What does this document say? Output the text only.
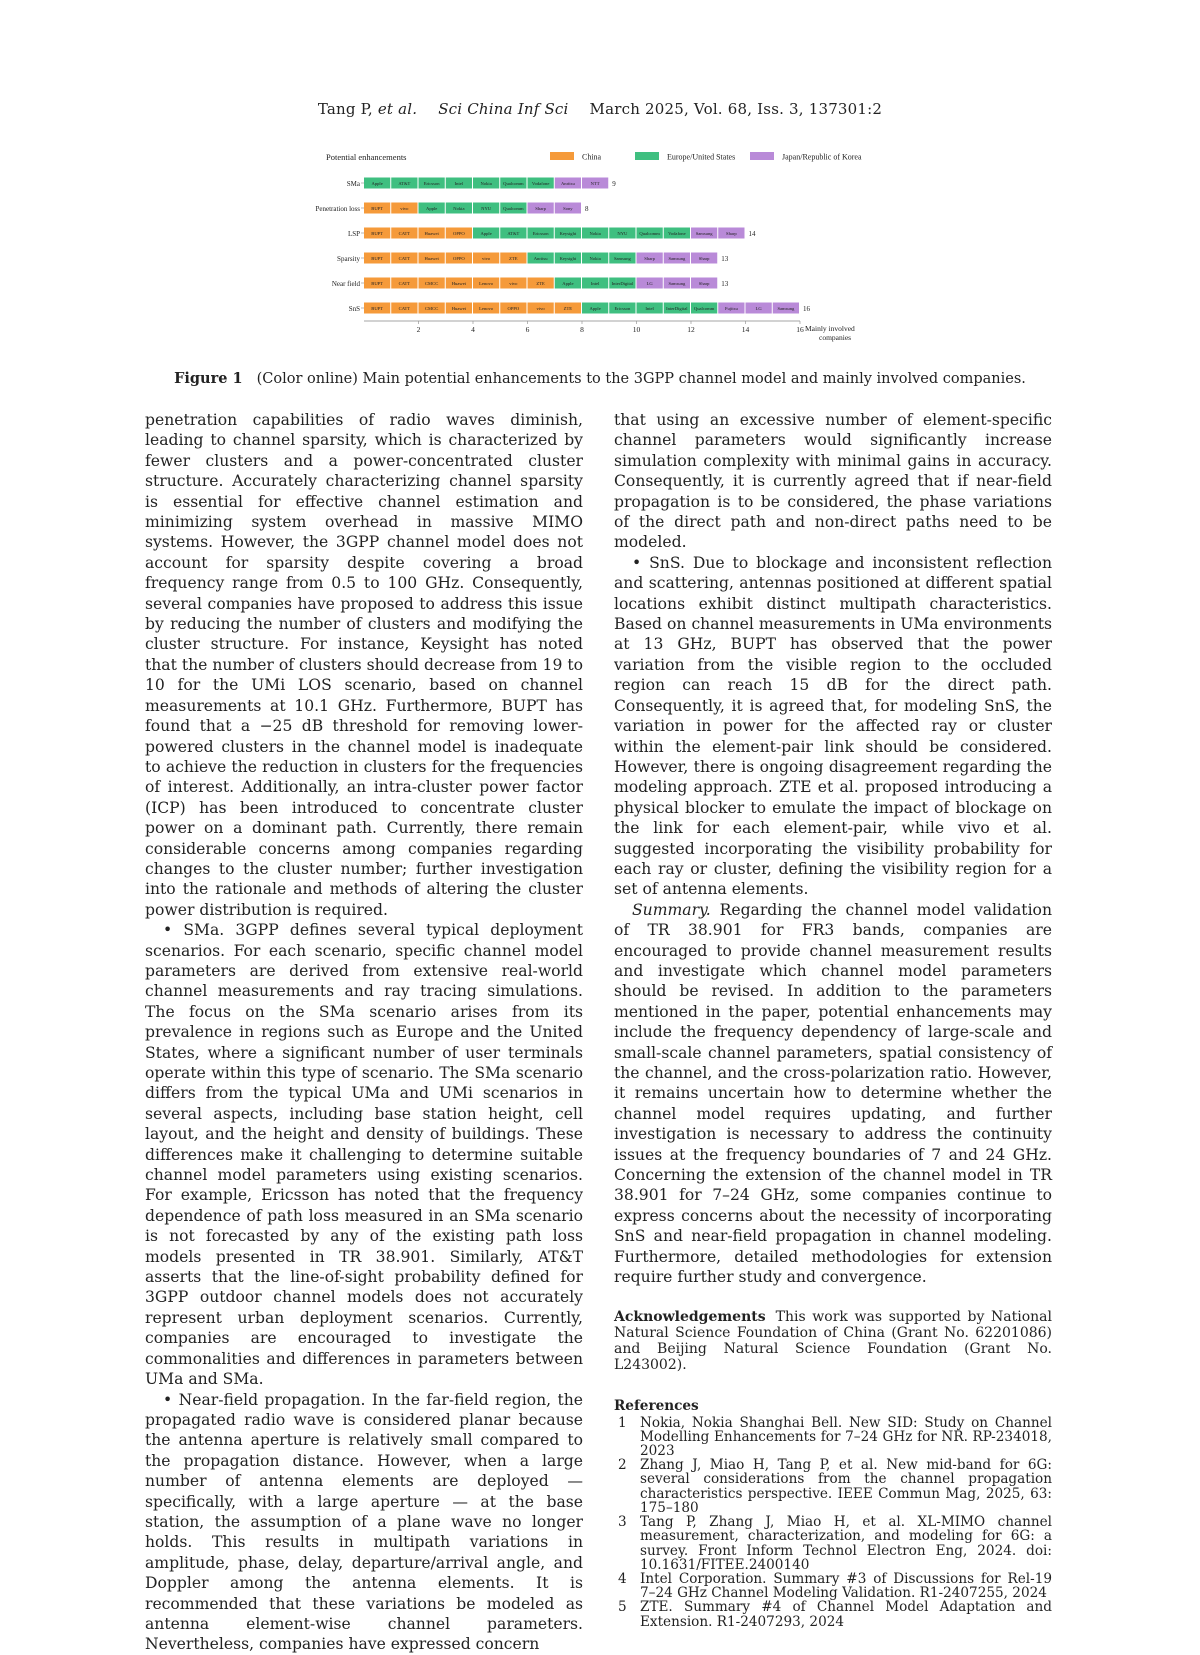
Tang P, et al. Sci China Inf Sci March 2025, Vol. 68, Iss. 3, 137301:2
Potential enhancements	China	Europe/United States	Japan/Republic of Korea
SMa	Apple	AT&T	Ericsson	Intel	Nokia Qualcomm Vodafone	Anritsu	NTT 9
Penetration loss BUPT	vivo	Apple	Nokia	NYU	Qualcomm	Sharp	Sony 8
LSP BUPT	CATT	Huawei	OPPO	Apple	AT&T	Ericsson Keysight	Nokia	NYU	Qualcomm Vodafone Samsung	Sharp 14
Sparsity BUPT	CATT	Huawei	OPPO	vivo	ZTE	Anritsu	Keysight	Nokia	Samsung	Sharp	Samsung	Sharp 13
Near field BUPT	CATT	CMCC	Huawei	Lenovo	vivo	ZTE	Apple	Intel	InterDigital	LG	Samsung	Sharp 13
SnS BUPT	CATT	CMCC	Huawei	Lenovo	OPPO	vivo	ZTE	Apple	Ericsson	Intel	InterDigital Qualcomm Fujitsu	LG	Samsung 16
2	4	6	8	10	12	14	16 Mainly involved companies
Figure 1 (Color online) Main potential enhancements to the 3GPP channel model and mainly involved companies.

penetration capabilities of radio waves diminish, leading to channel sparsity, which is characterized by fewer clusters and a power-concentrated cluster structure. Accurately characterizing channel sparsity is essential for effective channel estimation and minimizing system overhead in massive MIMO systems. However, the 3GPP channel model does not account for sparsity despite covering a broad frequency range from 0.5 to 100 GHz. Consequently, several companies have proposed to address this issue by reducing the number of clusters and modifying the cluster structure. For instance, Keysight has noted that the number of clusters should decrease from 19 to 10 for the UMi LOS scenario, based on channel measurements at 10.1 GHz. Furthermore, BUPT has found that a −25 dB threshold for removing lower-powered clusters in the channel model is inadequate to achieve the reduction in clusters for the frequencies of interest. Additionally, an intra-cluster power factor (ICP) has been introduced to concentrate cluster power on a dominant path. Currently, there remain considerable concerns among companies regarding changes to the cluster number; further investigation into the rationale and methods of altering the cluster power distribution is required.

• SMa. 3GPP defines several typical deployment scenarios. For each scenario, specific channel model parameters are derived from extensive real-world channel measurements and ray tracing simulations. The focus on the SMa scenario arises from its prevalence in regions such as Europe and the United States, where a significant number of user terminals operate within this type of scenario. The SMa scenario differs from the typical UMa and UMi scenarios in several aspects, including base station height, cell layout, and the height and density of buildings. These differences make it challenging to determine suitable channel model parameters using existing scenarios. For example, Ericsson has noted that the frequency dependence of path loss measured in an SMa scenario is not forecasted by any of the existing path loss models presented in TR 38.901. Similarly, AT&T asserts that the line-of-sight probability defined for 3GPP outdoor channel models does not accurately represent urban deployment scenarios. Currently, companies are encouraged to investigate the commonalities and differences in parameters between UMa and SMa.

• Near-field propagation. In the far-field region, the propagated radio wave is considered planar because the antenna aperture is relatively small compared to the propagation distance. However, when a large number of antenna elements are deployed — specifically, with a large aperture — at the base station, the assumption of a plane wave no longer holds. This results in multipath variations in amplitude, phase, delay, departure/arrival angle, and Doppler among the antenna elements. It is recommended that these variations be modeled as antenna element-wise channel parameters. Nevertheless, companies have expressed concern

that using an excessive number of element-specific channel parameters would significantly increase simulation complexity with minimal gains in accuracy. Consequently, it is currently agreed that if near-field propagation is to be considered, the phase variations of the direct path and non-direct paths need to be modeled.

• SnS. Due to blockage and inconsistent reflection and scattering, antennas positioned at different spatial locations exhibit distinct multipath characteristics. Based on channel measurements in UMa environments at 13 GHz, BUPT has observed that the power variation from the visible region to the occluded region can reach 15 dB for the direct path. Consequently, it is agreed that, for modeling SnS, the variation in power for the affected ray or cluster within the element-pair link should be considered. However, there is ongoing disagreement regarding the modeling approach. ZTE et al. proposed introducing a physical blocker to emulate the impact of blockage on the link for each element-pair, while vivo et al. suggested incorporating the visibility probability for each ray or cluster, defining the visibility region for a set of antenna elements.

Summary. Regarding the channel model validation of TR 38.901 for FR3 bands, companies are encouraged to provide channel measurement results and investigate which channel model parameters should be revised. In addition to the parameters mentioned in the paper, potential enhancements may include the frequency dependency of large-scale and small-scale channel parameters, spatial consistency of the channel, and the cross-polarization ratio. However, it remains uncertain how to determine whether the channel model requires updating, and further investigation is necessary to address the continuity issues at the frequency boundaries of 7 and 24 GHz. Concerning the extension of the channel model in TR 38.901 for 7–24 GHz, some companies continue to express concerns about the necessity of incorporating SnS and near-field propagation in channel modeling. Furthermore, detailed methodologies for extension require further study and convergence.

Acknowledgements This work was supported by National Natural Science Foundation of China (Grant No. 62201086) and Beijing Natural Science Foundation (Grant No. L243002).
References
1 Nokia, Nokia Shanghai Bell. New SID: Study on Channel Modelling Enhancements for 7–24 GHz for NR. RP-234018, 2023
2 Zhang J, Miao H, Tang P, et al. New mid-band for 6G: several considerations from the channel propagation characteristics perspective. IEEE Commun Mag, 2025, 63: 175–180
3 Tang P, Zhang J, Miao H, et al. XL-MIMO channel measurement, characterization, and modeling for 6G: a survey. Front Inform Technol Electron Eng, 2024. doi: 10.1631/FITEE.2400140
4 Intel Corporation. Summary #3 of Discussions for Rel-19 7–24 GHz Channel Modeling Validation. R1-2407255, 2024
5 ZTE. Summary #4 of Channel Model Adaptation and Extension. R1-2407293, 2024
